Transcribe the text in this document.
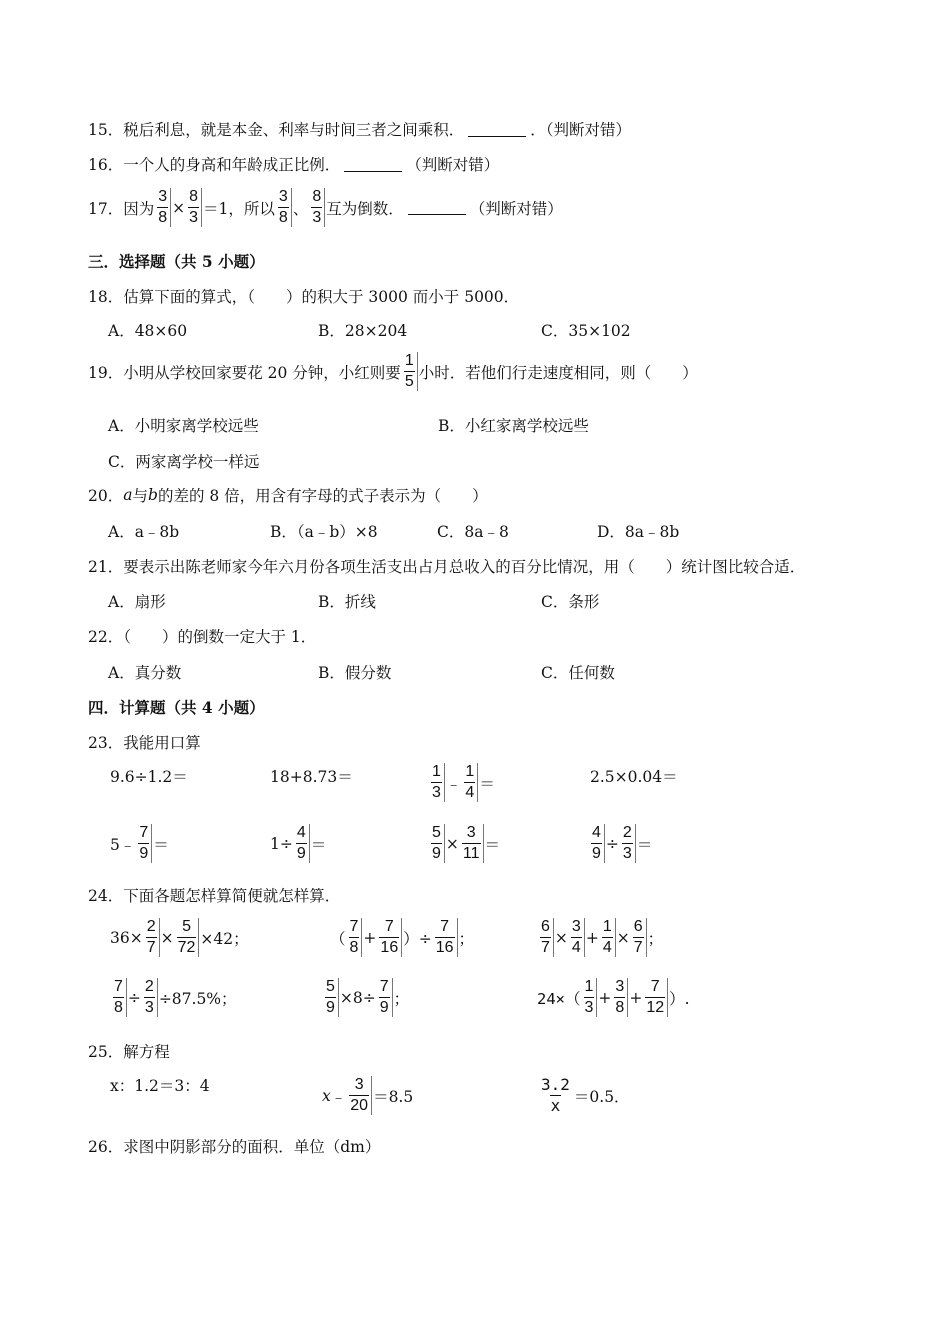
15．税后利息，就是本金、利率与时间三者之间乘积．	．（判断对错）
16．一个人的身高和年龄成正比例．	（判断对错）
17．因为 $\frac{3}{8} \times \frac{8}{3} =1$，所以 $\frac{3}{8}$ 、 $\frac{8}{3}$ 互为倒数．	（判断对错）
三．选择题（共 5 小题）
18．估算下面的算式，（　　）的积大于 3000 而小于 5000．
A．48×60	B．28×204	C．35×102
19．小明从学校回家要花 20 分钟，小红则要 $\frac{1}{5}$ 小时．若他们行走速度相同，则（　　）
A．小明家离学校远些	B．小红家离学校远些
C．两家离学校一样远
20． a 与 b 的差的 8 倍，用含有字母的式子表示为（　　）
A．a﹣8b	B．（a﹣b）×8	C．8a﹣8	D．8a﹣8b
21．要表示出陈老师家今年六月份各项生活支出占月总收入的百分比情况，用（　　）统计图比较合适．
A．扇形	B．折线	C．条形
22．（　　）的倒数一定大于 1．
A．真分数	B．假分数	C．任何数
四．计算题（共 4 小题）
23．我能用口算
9.6÷1.2＝	18+8.73＝	$\frac{1}{3}$ ﹣ $\frac{1}{4}$ ＝	2.5×0.04＝
5﹣ $\frac{7}{9}$ ＝	$1\div \frac{4}{9}$ ＝	$\frac{5}{9} \times \frac{3}{11}$ ＝	$\frac{4}{9} \div \frac{2}{3}$ ＝
24．下面各题怎样算简便就怎样算．
$36\times \frac{2}{7} \times \frac{5}{72} \times 42$；	（ $\frac{7}{8} + \frac{7}{16}$ ）÷ $\frac{7}{16}$ ；	$\frac{6}{7} \times \frac{3}{4} + \frac{1}{4} \times \frac{6}{7}$ ；
$\frac{7}{8} \div \frac{2}{3} \div 87.5\%$；	$\frac{5}{9} \times 8\div \frac{7}{9}$ ；	$24\times( \frac{1}{3} + \frac{3}{8} + \frac{7}{12}$ ）.
25．解方程
x：1.2＝3：4
x ﹣ $\frac{3}{20} =8.5$	$\frac{3.2}{x} =0.5$．
26．求图中阴影部分的面积．单位（dm）
